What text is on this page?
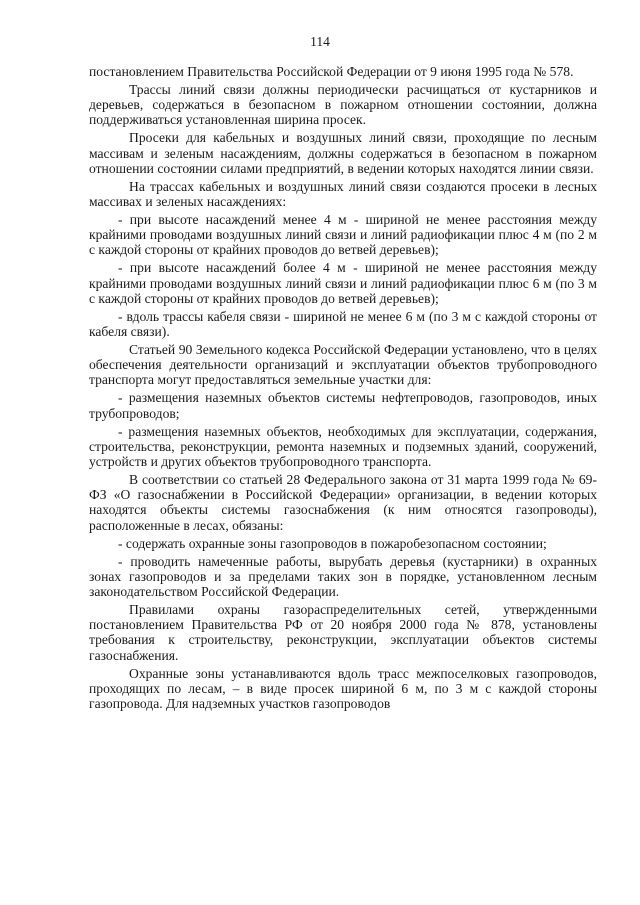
114

постановлением Правительства Российской Федерации от 9 июня 1995 года № 578.

Трассы линий связи должны периодически расчищаться от кустарников и деревьев, содержаться в безопасном в пожарном отношении состоянии, должна поддерживаться установленная ширина просек.

Просеки для кабельных и воздушных линий связи, проходящие по лесным массивам и зеленым насаждениям, должны содержаться в безопасном в пожарном отношении состоянии силами предприятий, в ведении которых находятся линии связи.

На трассах кабельных и воздушных линий связи создаются просеки в лесных массивах и зеленых насаждениях:

- при высоте насаждений менее 4 м - шириной не менее расстояния между крайними проводами воздушных линий связи и линий радиофикации плюс 4 м (по 2 м с каждой стороны от крайних проводов до ветвей деревьев);

- при высоте насаждений более 4 м - шириной не менее расстояния между крайними проводами воздушных линий связи и линий радиофикации плюс 6 м (по 3 м с каждой стороны от крайних проводов до ветвей деревьев);

- вдоль трассы кабеля связи - шириной не менее 6 м (по 3 м с каждой стороны от кабеля связи).

Статьей 90 Земельного кодекса Российской Федерации установлено, что в целях обеспечения деятельности организаций и эксплуатации объектов трубопроводного транспорта могут предоставляться земельные участки для:

- размещения наземных объектов системы нефтепроводов, газопроводов, иных трубопроводов;

- размещения наземных объектов, необходимых для эксплуатации, содержания, строительства, реконструкции, ремонта наземных и подземных зданий, сооружений, устройств и других объектов трубопроводного транспорта.

В соответствии со статьей 28 Федерального закона от 31 марта 1999 года № 69-ФЗ «О газоснабжении в Российской Федерации» организации, в ведении которых находятся объекты системы газоснабжения (к ним относятся газопроводы), расположенные в лесах, обязаны:

- содержать охранные зоны газопроводов в пожаробезопасном состоянии;

- проводить намеченные работы, вырубать деревья (кустарники) в охранных зонах газопроводов и за пределами таких зон в порядке, установленном лесным законодательством Российской Федерации.

Правилами охраны газораспределительных сетей, утвержденными постановлением Правительства РФ от 20 ноября 2000 года № 878, установлены требования к строительству, реконструкции, эксплуатации объектов системы газоснабжения.

Охранные зоны устанавливаются вдоль трасс межпоселковых газопроводов, проходящих по лесам, – в виде просек шириной 6 м, по 3 м с каждой стороны газопровода. Для надземных участков газопроводов
